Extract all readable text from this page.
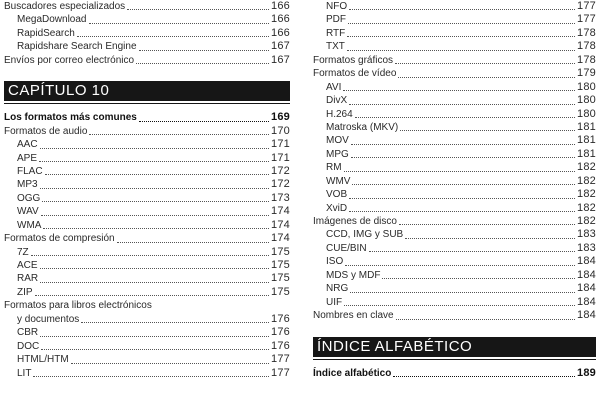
Buscadores especializados	166
MegaDownload	166
RapidSearch	166
Rapidshare Search Engine	167
Envíos por correo electrónico	167
CAPÍTULO 10
Los formatos más comunes	169
Formatos de audio	170
AAC	171
APE	171
FLAC	172
MP3	172
OGG	173
WAV	174
WMA	174
Formatos de compresión	174
7Z	175
ACE	175
RAR	175
ZIP	175
Formatos para libros electrónicos
y documentos	176
CBR	176
DOC	176
HTML/HTM	177
LIT	177
NFO	177
PDF	177
RTF	178
TXT	178
Formatos gráficos	178
Formatos de vídeo	179
AVI	180
DivX	180
H.264	180
Matroska (MKV)	181
MOV	181
MPG	181
RM	182
WMV	182
VOB	182
XviD	182
Imágenes de disco	182
CCD, IMG y SUB	183
CUE/BIN	183
ISO	184
MDS y MDF	184
NRG	184
UIF	184
Nombres en clave	184
ÍNDICE ALFABÉTICO
Índice alfabético	189
